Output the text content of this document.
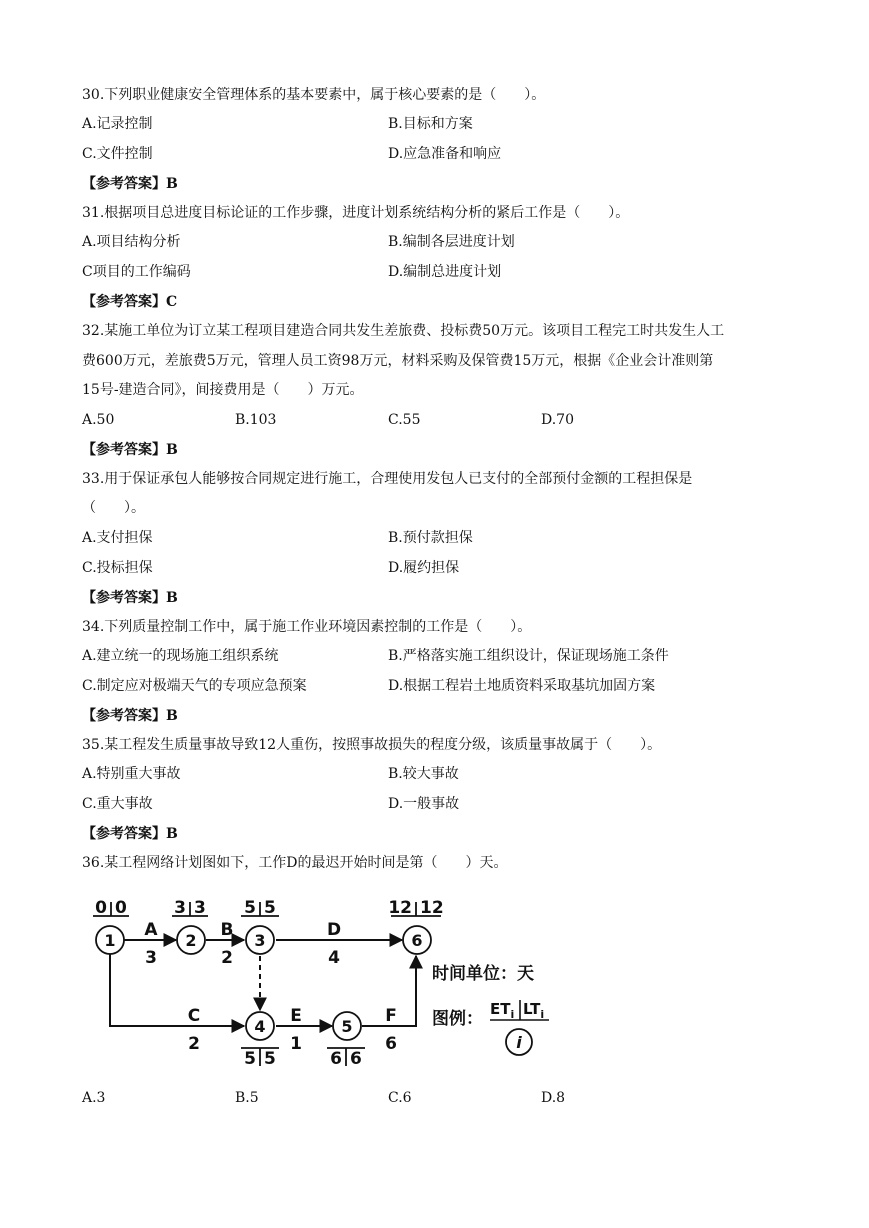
30.下列职业健康安全管理体系的基本要素中，属于核心要素的是（　　）。
A.记录控制	B.目标和方案
C.文件控制	D.应急准备和响应
【参考答案】B
31.根据项目总进度目标论证的工作步骤，进度计划系统结构分析的紧后工作是（　　）。
A.项目结构分析	B.编制各层进度计划
C项目的工作编码	D.编制总进度计划
【参考答案】C
32.某施工单位为订立某工程项目建造合同共发生差旅费、投标费50万元。该项目工程完工时共发生人工
费600万元，差旅费5万元，管理人员工资98万元，材料采购及保管费15万元，根据《企业会计准则第
15号-建造合同》，间接费用是（　　）万元。
A.50	B.103	C.55	D.70
【参考答案】B
33.用于保证承包人能够按合同规定进行施工，合理使用发包人已支付的全部预付金额的工程担保是
（　　）。
A.支付担保	B.预付款担保
C.投标担保	D.履约担保
【参考答案】B
34.下列质量控制工作中，属于施工作业环境因素控制的工作是（　　）。
A.建立统一的现场施工组织系统	B.严格落实施工组织设计，保证现场施工条件
C.制定应对极端天气的专项应急预案	D.根据工程岩土地质资料采取基坑加固方案
【参考答案】B
35.某工程发生质量事故导致12人重伤，按照事故损失的程度分级，该质量事故属于（　　）。
A.特别重大事故	B.较大事故
C.重大事故	D.一般事故
【参考答案】B
36.某工程网络计划图如下，工作D的最迟开始时间是第（　　）天。
0 0	3 3 5 5	12 12
5 5	6 6
1	2	3	6
4	5
A
3
B
2
D
4
C
2
E
1
F
6
时间单位：天
图例： $ET_i$ $LT_i$
i
A.3	B.5	C.6	D.8
